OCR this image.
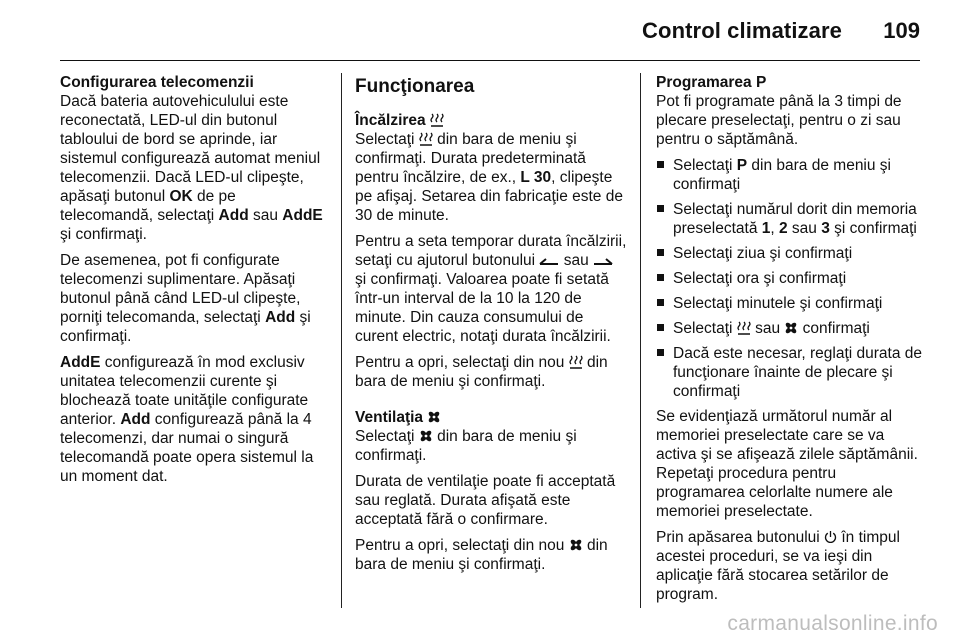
Control climatizare 109
Configurarea telecomenzii

Dacă bateria autovehiculului este reconectată, LED-ul din butonul tabloului de bord se aprinde, iar sistemul configurează automat meniul telecomenzii. Dacă LED-ul clipeşte, apăsaţi butonul OK de pe telecomandă, selectaţi Add sau AddE şi confirmaţi.

De asemenea, pot fi configurate telecomenzi suplimentare. Apăsaţi butonul până când LED-ul clipeşte, porniţi telecomanda, selectaţi Add şi confirmaţi.

AddE configurează în mod exclusiv unitatea telecomenzii curente şi blochează toate unităţile configurate anterior. Add configurează până la 4 telecomenzi, dar numai o singură telecomandă poate opera sistemul la un moment dat.

Funcţionarea
Încălzirea

Selectaţi
din bara de meniu şi confirmaţi. Durata predeterminată pentru încălzire, de ex., L 30, clipeşte pe afişaj. Setarea din fabricaţie este de 30 de minute.

Pentru a seta temporar durata încălzirii, setaţi cu ajutorul butonului
sau
şi confirmaţi. Valoarea poate fi setată într-un interval de la 10 la 120 de minute. Din cauza consumului de curent electric, notaţi durata încălzirii.

Pentru a opri, selectaţi din nou
din bara de meniu şi confirmaţi.

Ventilaţia

Selectaţi
din bara de meniu şi confirmaţi.

Durata de ventilaţie poate fi acceptată sau reglată. Durata afişată este acceptată fără o confirmare.

Pentru a opri, selectaţi din nou
din bara de meniu şi confirmaţi.

Programarea P

Pot fi programate până la 3 timpi de plecare preselectaţi, pentru o zi sau pentru o săptămână.

Selectaţi P din bara de meniu şi confirmaţi
Selectaţi numărul dorit din memoria preselectată 1, 2 sau 3 şi confirmaţi
Selectaţi ziua şi confirmaţi
Selectaţi ora şi confirmaţi
Selectaţi minutele şi confirmaţi
Selectaţi
sau
confirmaţi
Dacă este necesar, reglaţi durata de funcţionare înainte de plecare şi confirmaţi

Se evidenţiază următorul număr al memoriei preselectate care se va activa şi se afişează zilele săptămânii. Repetaţi procedura pentru programarea celorlalte numere ale memoriei preselectate.

Prin apăsarea butonului
în timpul acestei proceduri, se va ieşi din aplicaţie fără stocarea setărilor de program.

carmanualsonline.info
